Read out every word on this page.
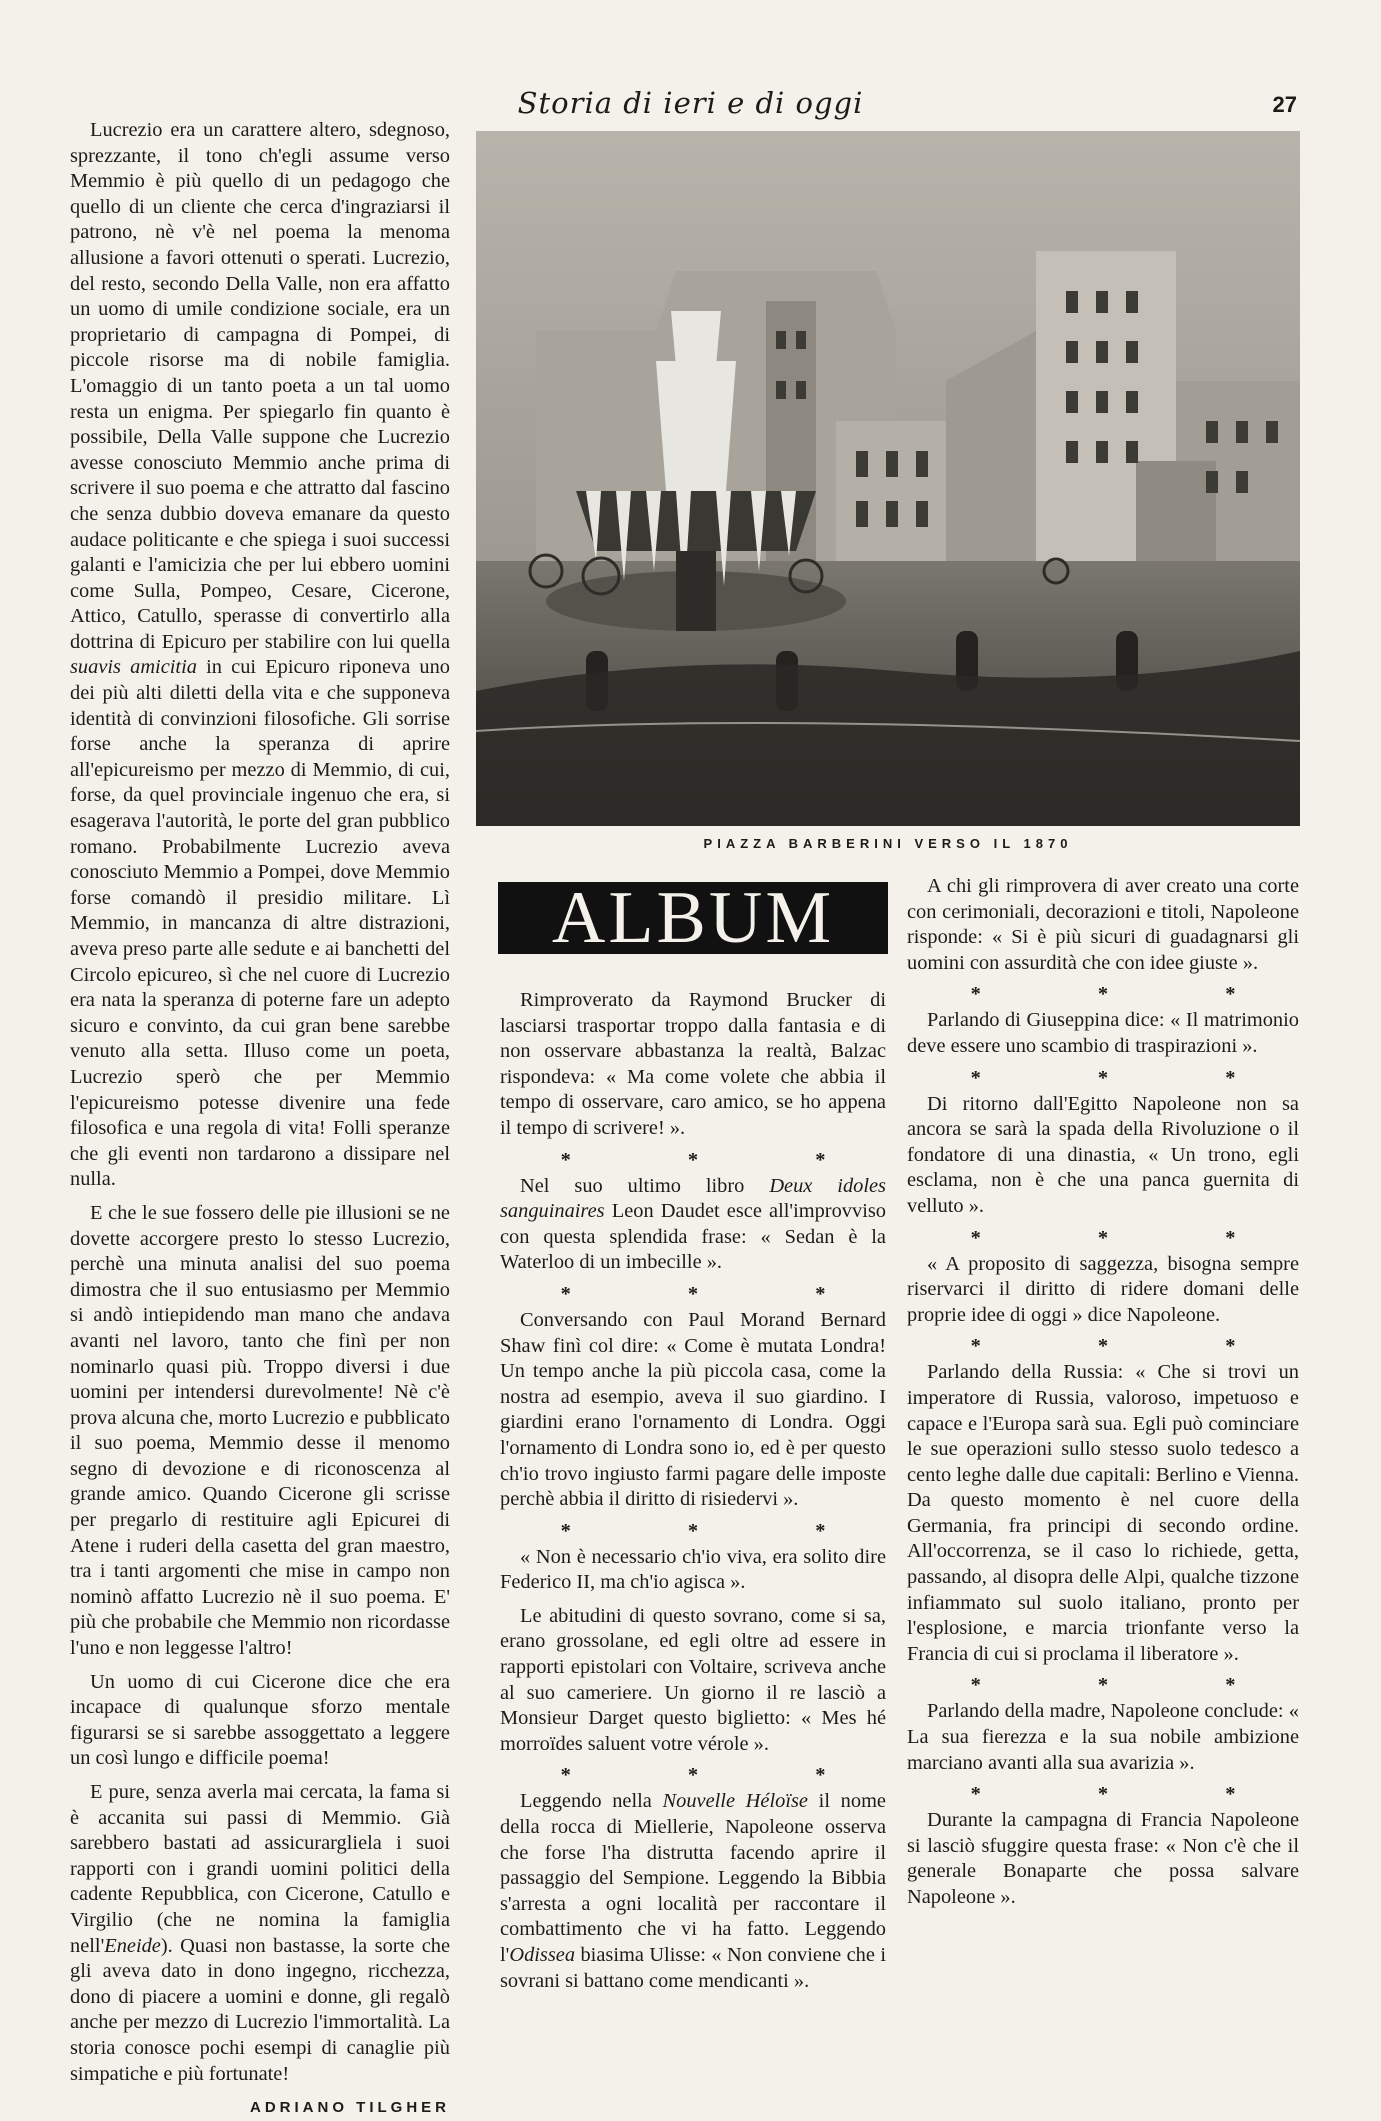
Storia di ieri e di oggi	27

Lucrezio era un carattere altero, sdegnoso, sprezzante, il tono ch'egli assume verso Memmio è più quello di un pedagogo che quello di un cliente che cerca d'ingraziarsi il patrono, nè v'è nel poema la menoma allusione a favori ottenuti o sperati. Lucrezio, del resto, secondo Della Valle, non era affatto un uomo di umile condizione sociale, era un proprietario di campagna di Pompei, di piccole risorse ma di nobile famiglia. L'omaggio di un tanto poeta a un tal uomo resta un enigma. Per spiegarlo fin quanto è possibile, Della Valle suppone che Lucrezio avesse conosciuto Memmio anche prima di scrivere il suo poema e che attratto dal fascino che senza dubbio doveva emanare da questo audace politicante e che spiega i suoi successi galanti e l'amicizia che per lui ebbero uomini come Sulla, Pompeo, Cesare, Cicerone, Attico, Catullo, sperasse di convertirlo alla dottrina di Epicuro per stabilire con lui quella suavis amicitia in cui Epicuro riponeva uno dei più alti diletti della vita e che supponeva identità di convinzioni filosofiche. Gli sorrise forse anche la speranza di aprire all'epicureismo per mezzo di Memmio, di cui, forse, da quel provinciale ingenuo che era, si esagerava l'autorità, le porte del gran pubblico romano. Probabilmente Lucrezio aveva conosciuto Memmio a Pompei, dove Memmio forse comandò il presidio militare. Lì Memmio, in mancanza di altre distrazioni, aveva preso parte alle sedute e ai banchetti del Circolo epicureo, sì che nel cuore di Lucrezio era nata la speranza di poterne fare un adepto sicuro e convinto, da cui gran bene sarebbe venuto alla setta. Illuso come un poeta, Lucrezio sperò che per Memmio l'epicureismo potesse divenire una fede filosofica e una regola di vita! Folli speranze che gli eventi non tardarono a dissipare nel nulla.

E che le sue fossero delle pie illusioni se ne dovette accorgere presto lo stesso Lucrezio, perchè una minuta analisi del suo poema dimostra che il suo entusiasmo per Memmio si andò intiepidendo man mano che andava avanti nel lavoro, tanto che finì per non nominarlo quasi più. Troppo diversi i due uomini per intendersi durevolmente! Nè c'è prova alcuna che, morto Lucrezio e pubblicato il suo poema, Memmio desse il menomo segno di devozione e di riconoscenza al grande amico. Quando Cicerone gli scrisse per pregarlo di restituire agli Epicurei di Atene i ruderi della casetta del gran maestro, tra i tanti argomenti che mise in campo non nominò affatto Lucrezio nè il suo poema. E' più che probabile che Memmio non ricordasse l'uno e non leggesse l'altro!

Un uomo di cui Cicerone dice che era incapace di qualunque sforzo mentale figurarsi se si sarebbe assoggettato a leggere un così lungo e difficile poema!

E pure, senza averla mai cercata, la fama si è accanita sui passi di Memmio. Già sarebbero bastati ad assicurargliela i suoi rapporti con i grandi uomini politici della cadente Repubblica, con Cicerone, Catullo e Virgilio (che ne nomina la famiglia nell'Eneide). Quasi non bastasse, la sorte che gli aveva dato in dono ingegno, ricchezza, dono di piacere a uomini e donne, gli regalò anche per mezzo di Lucrezio l'immortalità. La storia conosce pochi esempi di canaglie più simpatiche e più fortunate!

ADRIANO TILGHER
PIAZZA BARBERINI VERSO IL 1870
ALBUM

Rimproverato da Raymond Brucker di lasciarsi trasportar troppo dalla fantasia e di non osservare abbastanza la realtà, Balzac rispondeva: « Ma come volete che abbia il tempo di osservare, caro amico, se ho appena il tempo di scrivere! ».

* * *

Nel suo ultimo libro Deux idoles sanguinaires Leon Daudet esce all'improvviso con questa splendida frase: « Sedan è la Waterloo di un imbecille ».

* * *

Conversando con Paul Morand Bernard Shaw finì col dire: « Come è mutata Londra! Un tempo anche la più piccola casa, come la nostra ad esempio, aveva il suo giardino. I giardini erano l'ornamento di Londra. Oggi l'ornamento di Londra sono io, ed è per questo ch'io trovo ingiusto farmi pagare delle imposte perchè abbia il diritto di risiedervi ».

* * *

« Non è necessario ch'io viva, era solito dire Federico II, ma ch'io agisca ».

Le abitudini di questo sovrano, come si sa, erano grossolane, ed egli oltre ad essere in rapporti epistolari con Voltaire, scriveva anche al suo cameriere. Un giorno il re lasciò a Monsieur Darget questo biglietto: « Mes hé morroïdes saluent votre vérole ».

* * *

Leggendo nella Nouvelle Héloïse il nome della rocca di Miellerie, Napoleone osserva che forse l'ha distrutta facendo aprire il passaggio del Sempione. Leggendo la Bibbia s'arresta a ogni località per raccontare il combattimento che vi ha fatto. Leggendo l'Odissea biasima Ulisse: « Non conviene che i sovrani si battano come mendicanti ».

A chi gli rimprovera di aver creato una corte con cerimoniali, decorazioni e titoli, Napoleone risponde: « Si è più sicuri di guadagnarsi gli uomini con assurdità che con idee giuste ».

* * *

Parlando di Giuseppina dice: « Il matrimonio deve essere uno scambio di traspirazioni ».

* * *

Di ritorno dall'Egitto Napoleone non sa ancora se sarà la spada della Rivoluzione o il fondatore di una dinastia, « Un trono, egli esclama, non è che una panca guernita di velluto ».

* * *

« A proposito di saggezza, bisogna sempre riservarci il diritto di ridere domani delle proprie idee di oggi » dice Napoleone.

* * *

Parlando della Russia: « Che si trovi un imperatore di Russia, valoroso, impetuoso e capace e l'Europa sarà sua. Egli può cominciare le sue operazioni sullo stesso suolo tedesco a cento leghe dalle due capitali: Berlino e Vienna. Da questo momento è nel cuore della Germania, fra principi di secondo ordine. All'occorrenza, se il caso lo richiede, getta, passando, al disopra delle Alpi, qualche tizzone infiammato sul suolo italiano, pronto per l'esplosione, e marcia trionfante verso la Francia di cui si proclama il liberatore ».

* * *

Parlando della madre, Napoleone conclude: « La sua fierezza e la sua nobile ambizione marciano avanti alla sua avarizia ».

* * *

Durante la campagna di Francia Napoleone si lasciò sfuggire questa frase: « Non c'è che il generale Bonaparte che possa salvare Napoleone ».
